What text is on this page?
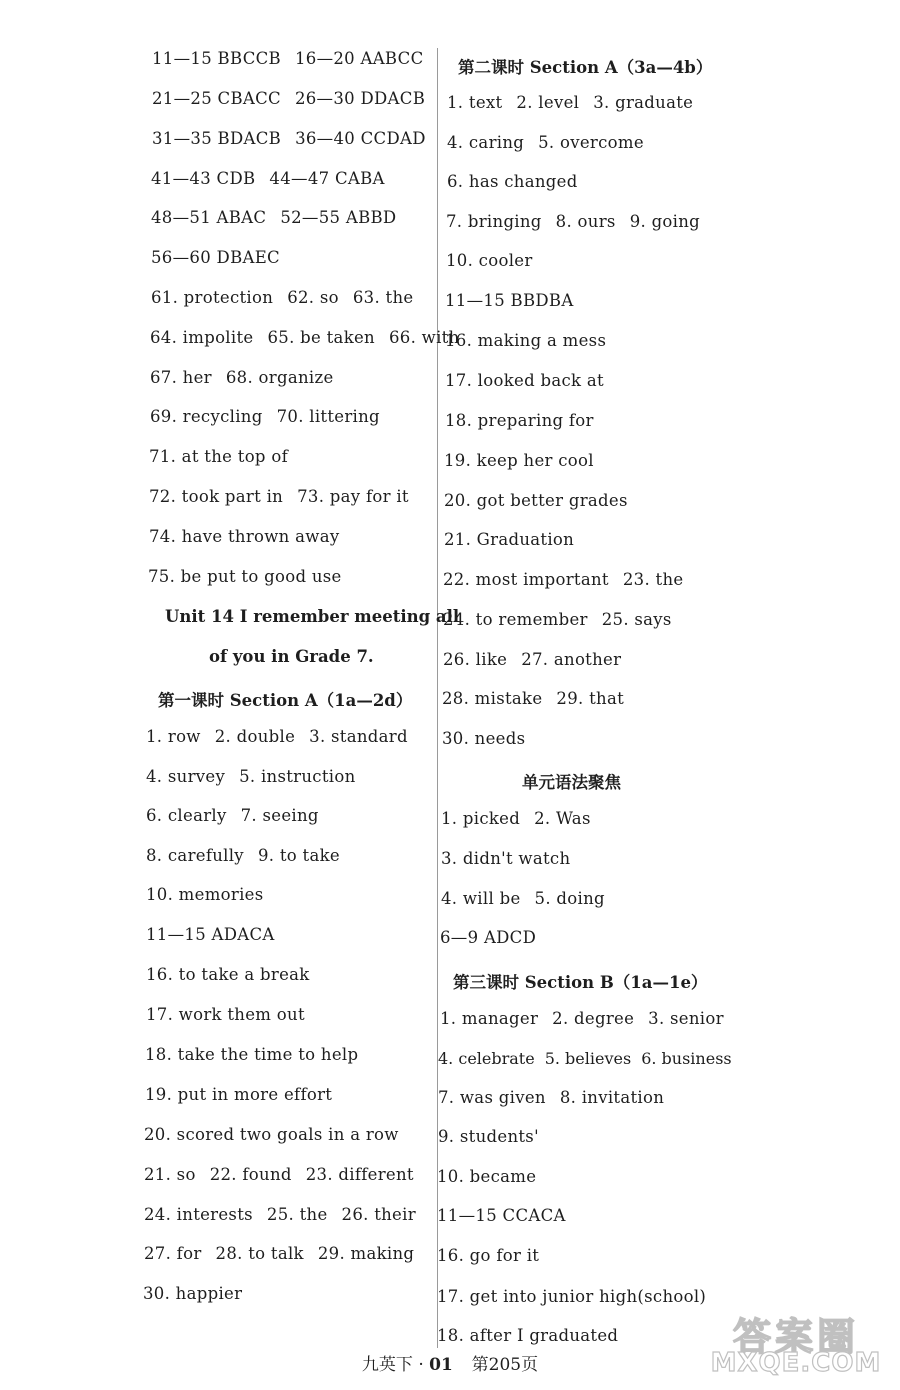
11—15 BBCCB 16—20 AABCC
21—25 CBACC 26—30 DDACB
31—35 BDACB 36—40 CCDAD
41—43 CDB 44—47 CABA
48—51 ABAC 52—55 ABBD
56—60 DBAEC
61. protection 62. so 63. the
64. impolite 65. be taken 66. with
67. her 68. organize
69. recycling 70. littering
71. at the top of
72. took part in 73. pay for it
74. have thrown away
75. be put to good use
Unit 14 I remember meeting all
of you in Grade 7.
第一课时 Section A（1a—2d）
1. row 2. double 3. standard
4. survey 5. instruction
6. clearly 7. seeing
8. carefully 9. to take
10. memories
11—15 ADACA
16. to take a break
17. work them out
18. take the time to help
19. put in more effort
20. scored two goals in a row
21. so 22. found 23. different
24. interests 25. the 26. their
27. for 28. to talk 29. making
30. happier
第二课时 Section A（3a—4b）
1. text 2. level 3. graduate
4. caring 5. overcome
6. has changed
7. bringing 8. ours 9. going
10. cooler
11—15 BBDBA
16. making a mess
17. looked back at
18. preparing for
19. keep her cool
20. got better grades
21. Graduation
22. most important 23. the
24. to remember 25. says
26. like 27. another
28. mistake 29. that
30. needs
单元语法聚焦
1. picked 2. Was
3. didn't watch
4. will be 5. doing
6—9 ADCD
第三课时 Section B（1a—1e）
1. manager 2. degree 3. senior
4. celebrate 5. believes 6. business
7. was given 8. invitation
9. students'
10. became
11—15 CCACA
16. go for it
17. get into junior high(school)
18. after I graduated	答案圈
MXQE.COM
九英下 · 01 第205页
